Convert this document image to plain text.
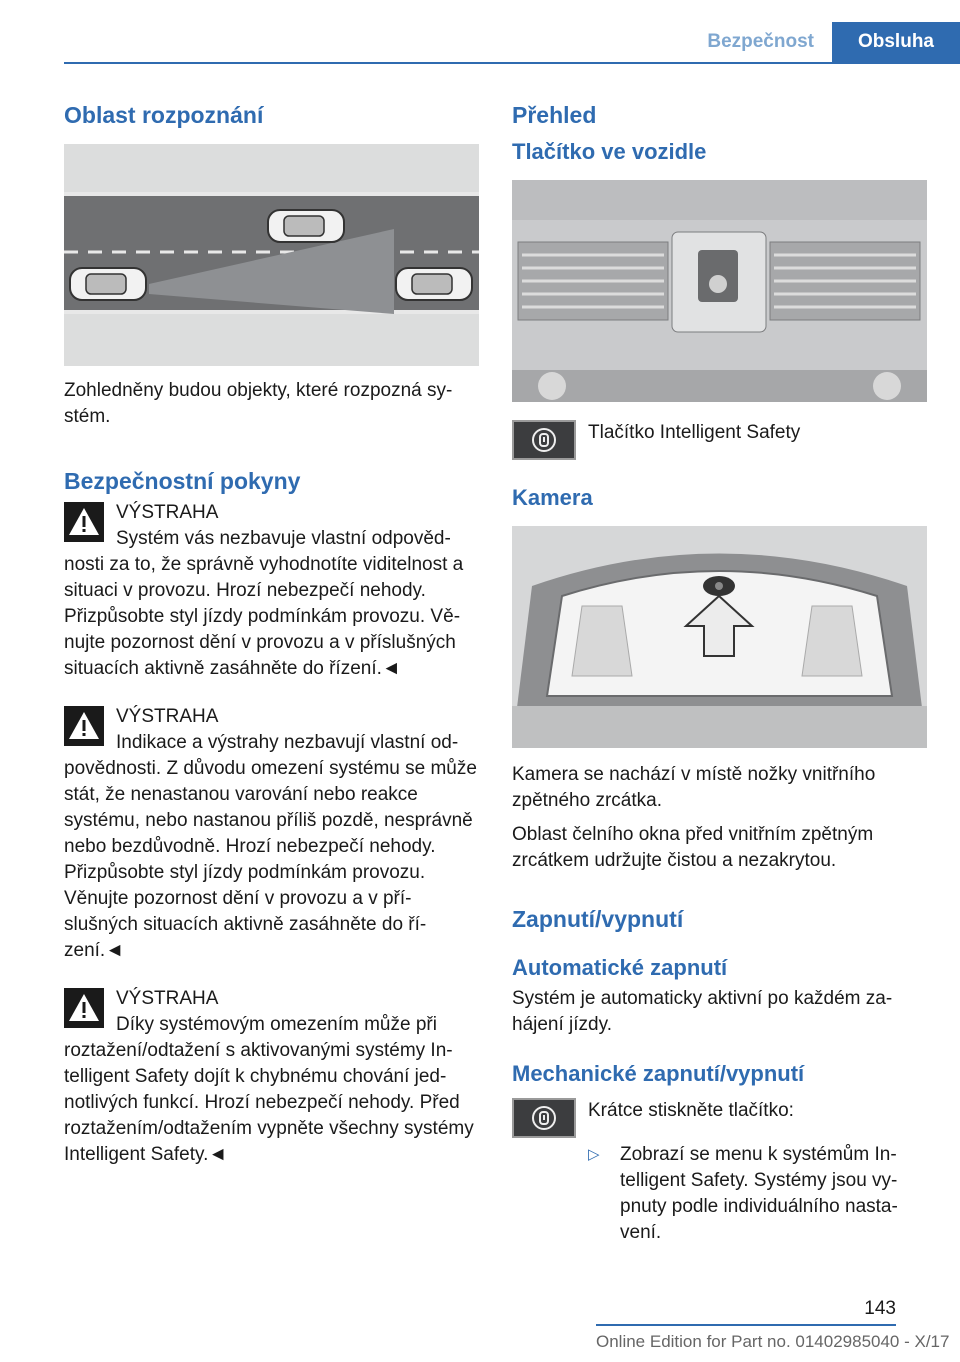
Bezpečnost	Obsluha
Oblast rozpoznání

Zohledněny budou objekty, které rozpozná systém.

Bezpečnostní pokyny
VÝSTRAHA
Systém vás nezbavuje vlastní odpovědnosti za to, že správně vyhodnotíte viditelnost a situaci v provozu. Hrozí nebezpečí nehody. Přizpůsobte styl jízdy podmínkám provozu. Věnujte pozornost dění v provozu a v příslušných situacích aktivně zasáhněte do řízení.◄
VÝSTRAHA
Indikace a výstrahy nezbavují vlastní odpovědnosti. Z důvodu omezení systému se může stát, že nenastanou varování nebo reakce systému, nebo nastanou příliš pozdě, nesprávně nebo bezdůvodně. Hrozí nebezpečí nehody. Přizpůsobte styl jízdy podmínkám provozu. Věnujte pozornost dění v provozu a v příslušných situacích aktivně zasáhněte do řízení.◄
VÝSTRAHA
Díky systémovým omezením může při roztažení/odtažení s aktivovanými systémy Intelligent Safety dojít k chybnému chování jednotlivých funkcí. Hrozí nebezpečí nehody. Před roztažením/odtažením vypněte všechny systémy Intelligent Safety.◄
Přehled
Tlačítko ve vozidle

Tlačítko Intelligent Safety

Kamera

Kamera se nachází v místě nožky vnitřního zpětného zrcátka.

Oblast čelního okna před vnitřním zpětným zrcátkem udržujte čistou a nezakrytou.

Zapnutí/vypnutí
Automatické zapnutí

Systém je automaticky aktivní po každém zahájení jízdy.

Mechanické zapnutí/vypnutí

Krátce stiskněte tlačítko:

▷	Zobrazí se menu k systémům Intelligent Safety. Systémy jsou vypnuty podle individuálního nastavení.
143
Online Edition for Part no. 01402985040 - X/17
